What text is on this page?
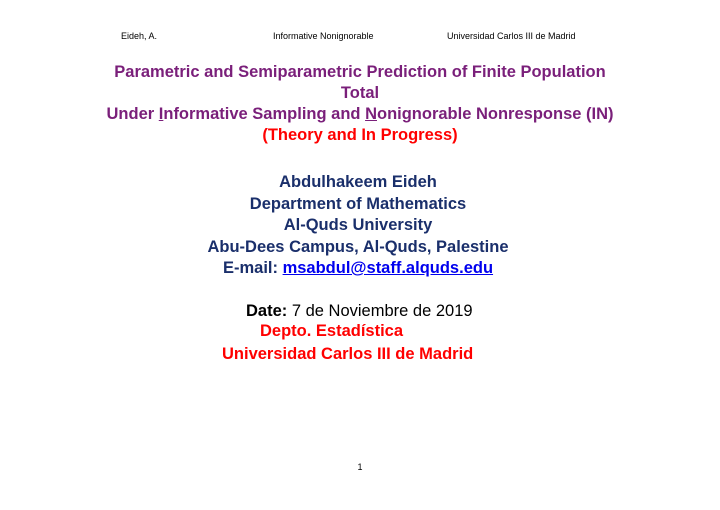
Eideh, A.	Informative Nonignorable	Universidad Carlos III de Madrid
Parametric and Semiparametric Prediction of Finite Population
Total
Under Informative Sampling and Nonignorable Nonresponse (IN)
(Theory and In Progress)
Abdulhakeem Eideh
Department of Mathematics
Al-Quds University
Abu-Dees Campus, Al-Quds, Palestine
E-mail: msabdul@staff.alquds.edu
Date: 7 de Noviembre de 2019
Depto. Estadística
Universidad Carlos III de Madrid
1
